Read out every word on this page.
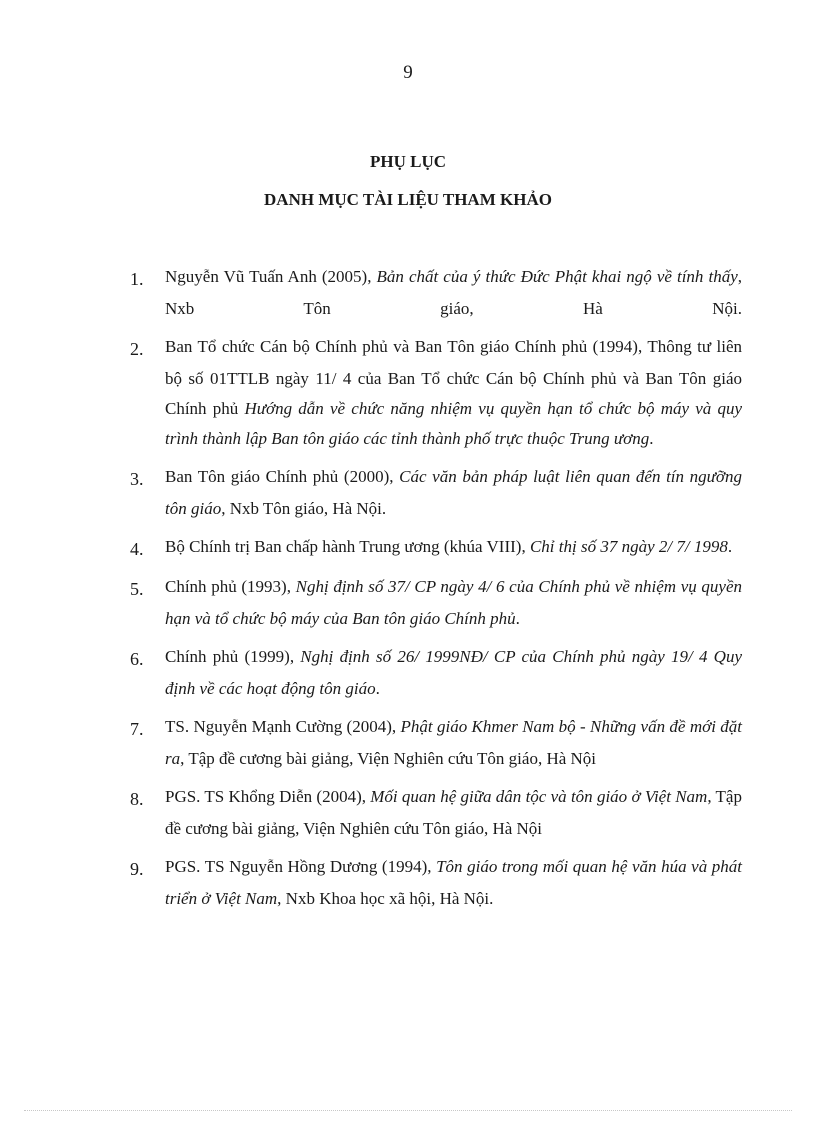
9
PHỤ LỤC
DANH MỤC TÀI LIỆU THAM KHẢO
1. Nguyễn Vũ Tuấn Anh (2005), Bản chất của ý thức Đức Phật khai ngộ về tính thấy, Nxb Tôn giáo, Hà Nội.
2. Ban Tổ chức Cán bộ Chính phủ và Ban Tôn giáo Chính phủ (1994), Thông tư liên bộ số 01TTLB ngày 11/ 4 của Ban Tổ chức Cán bộ Chính phủ và Ban Tôn giáo Chính phủ Hướng dẫn về chức năng nhiệm vụ quyền hạn tổ chức bộ máy và quy trình thành lập Ban tôn giáo các tỉnh thành phố trực thuộc Trung ương.
3. Ban Tôn giáo Chính phủ (2000), Các văn bản pháp luật liên quan đến tín ngưỡng tôn giáo, Nxb Tôn giáo, Hà Nội.
4. Bộ Chính trị Ban chấp hành Trung ương (khúa VIII), Chỉ thị số 37 ngày 2/ 7/ 1998.
5. Chính phủ (1993), Nghị định số 37/ CP ngày 4/ 6 của Chính phủ về nhiệm vụ quyền hạn và tổ chức bộ máy của Ban tôn giáo Chính phủ.
6. Chính phủ (1999), Nghị định số 26/ 1999NĐ/ CP của Chính phủ ngày 19/ 4 Quy định về các hoạt động tôn giáo.
7. TS. Nguyễn Mạnh Cường (2004), Phật giáo Khmer Nam bộ - Những vấn đề mới đặt ra, Tập đề cương bài giảng, Viện Nghiên cứu Tôn giáo, Hà Nội
8. PGS. TS Khổng Diễn (2004), Mối quan hệ giữa dân tộc và tôn giáo ở Việt Nam, Tập đề cương bài giảng, Viện Nghiên cứu Tôn giáo, Hà Nội
9. PGS. TS Nguyễn Hồng Dương (1994), Tôn giáo trong mối quan hệ văn húa và phát triển ở Việt Nam, Nxb Khoa học xã hội, Hà Nội.
